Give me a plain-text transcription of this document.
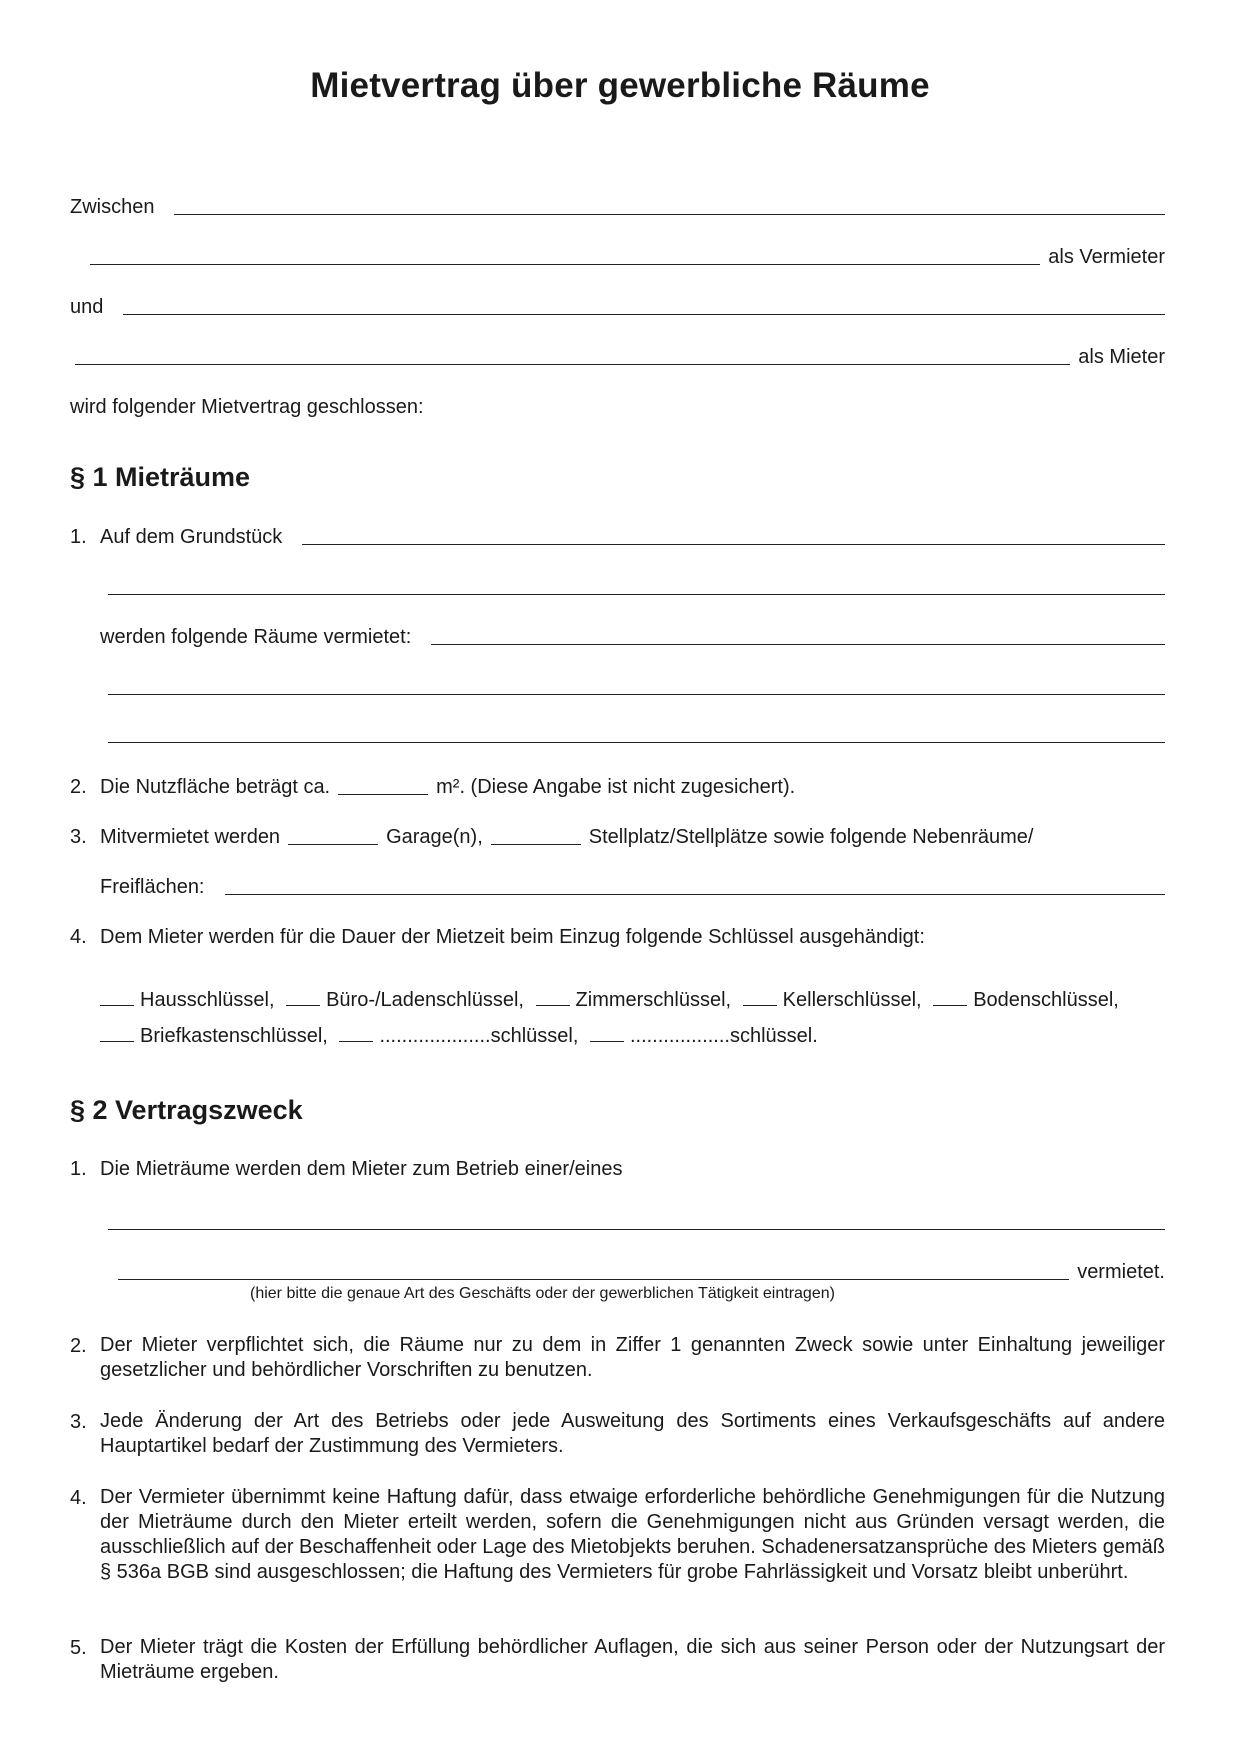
Mietvertrag über gewerbliche Räume
Zwischen
als Vermieter
und
als Mieter
wird folgender Mietvertrag geschlossen:
§ 1 Mieträume
1. Auf dem Grundstück
werden folgende Räume vermietet:
2. Die Nutzfläche beträgt ca.	m². (Diese Angabe ist nicht zugesichert).
3. Mitvermietet werden	Garage(n),	Stellplatz/Stellplätze sowie folgende Nebenräume/
Freiflächen:
4. Dem Mieter werden für die Dauer der Mietzeit beim Einzug folgende Schlüssel ausgehändigt:
Hausschlüssel,	Büro-/Ladenschlüssel,	Zimmerschlüssel,	Kellerschlüssel,	Bodenschlüssel,
Briefkastenschlüssel,	....................schlüssel,	..................schlüssel.
§ 2 Vertragszweck
1. Die Mieträume werden dem Mieter zum Betrieb einer/eines
vermietet.
(hier bitte die genaue Art des Geschäfts oder der gewerblichen Tätigkeit eintragen)
2. Der Mieter verpflichtet sich, die Räume nur zu dem in Ziffer 1 genannten Zweck sowie unter Einhaltung jeweiliger gesetzlicher und behördlicher Vorschriften zu benutzen.
3. Jede Änderung der Art des Betriebs oder jede Ausweitung des Sortiments eines Verkaufsgeschäfts auf andere Hauptartikel bedarf der Zustimmung des Vermieters.
4. Der Vermieter übernimmt keine Haftung dafür, dass etwaige erforderliche behördliche Genehmigungen für die Nutzung der Mieträume durch den Mieter erteilt werden, sofern die Genehmigungen nicht aus Gründen versagt werden, die ausschließlich auf der Beschaffenheit oder Lage des Mietobjekts beruhen. Schadenersatzansprüche des Mieters gemäß § 536a BGB sind ausgeschlossen; die Haftung des Vermieters für grobe Fahrlässigkeit und Vorsatz bleibt unberührt.
5. Der Mieter trägt die Kosten der Erfüllung behördlicher Auflagen, die sich aus seiner Person oder der Nutzungsart der Mieträume ergeben.
